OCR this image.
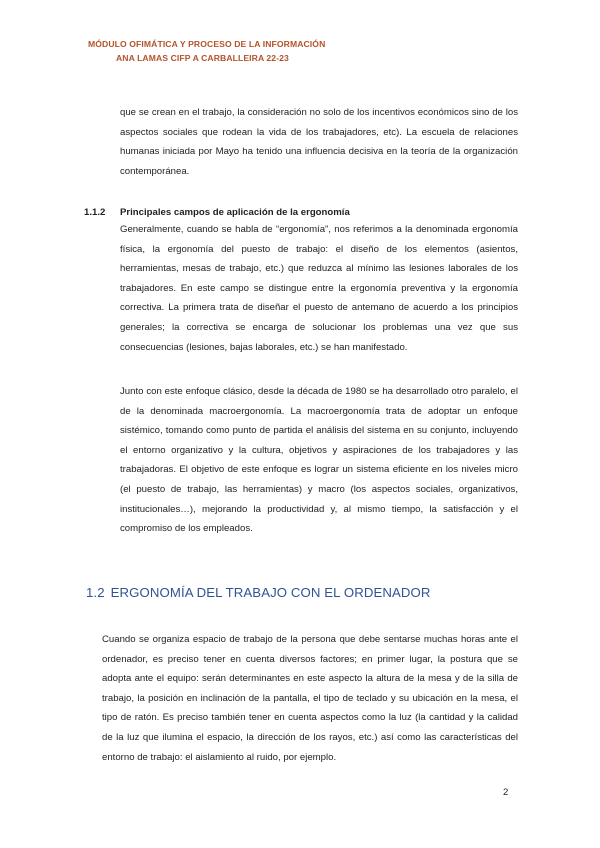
MÓDULO OFIMÁTICA Y PROCESO DE LA INFORMACIÓN
ANA LAMAS CIFP A CARBALLEIRA 22-23
que se crean en el trabajo, la consideración no solo de los incentivos económicos sino de los aspectos sociales que rodean la vida de los trabajadores, etc). La escuela de relaciones humanas iniciada por Mayo ha tenido una influencia decisiva en la teoría de la organización contemporánea.
1.1.2 Principales campos de aplicación de la ergonomía
Generalmente, cuando se habla de “ergonomía”, nos referimos a la denominada ergonomía física, la ergonomía del puesto de trabajo: el diseño de los elementos (asientos, herramientas, mesas de trabajo, etc.) que reduzca al mínimo las lesiones laborales de los trabajadores. En este campo se distingue entre la ergonomía preventiva y la ergonomía correctiva. La primera trata de diseñar el puesto de antemano de acuerdo a los principios generales; la correctiva se encarga de solucionar los problemas una vez que sus consecuencias (lesiones, bajas laborales, etc.) se han manifestado.
Junto con este enfoque clásico, desde la década de 1980 se ha desarrollado otro paralelo, el de la denominada macroergonomía. La macroergonomía trata de adoptar un enfoque sistémico, tomando como punto de partida el análisis del sistema en su conjunto, incluyendo el entorno organizativo y la cultura, objetivos y aspiraciones de los trabajadores y las trabajadoras. El objetivo de este enfoque es lograr un sistema eficiente en los niveles micro (el puesto de trabajo, las herramientas) y macro (los aspectos sociales, organizativos, institucionales…), mejorando la productividad y, al mismo tiempo, la satisfacción y el compromiso de los empleados.
1.2 ERGONOMÍA DEL TRABAJO CON EL ORDENADOR
Cuando se organiza espacio de trabajo de la persona que debe sentarse muchas horas ante el ordenador, es preciso tener en cuenta diversos factores; en primer lugar, la postura que se adopta ante el equipo: serán determinantes en este aspecto la altura de la mesa y de la silla de trabajo, la posición en inclinación de la pantalla, el tipo de teclado y su ubicación en la mesa, el tipo de ratón. Es preciso también tener en cuenta aspectos como la luz (la cantidad y la calidad de la luz que ilumina el espacio, la dirección de los rayos, etc.) así como las características del entorno de trabajo: el aislamiento al ruido, por ejemplo.
2
